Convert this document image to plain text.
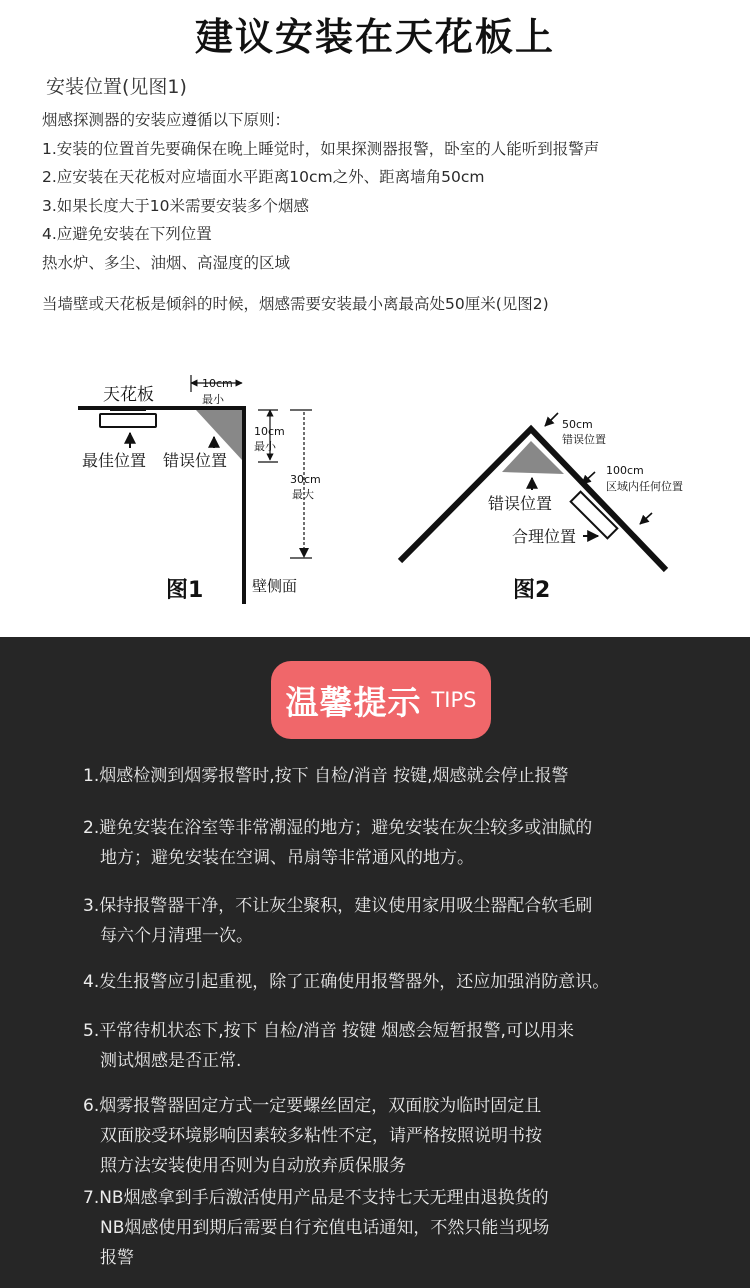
建议安装在天花板上
安装位置(见图1)
烟感探测器的安装应遵循以下原则：
1.安装的位置首先要确保在晚上睡觉时，如果探测器报警，卧室的人能听到报警声
2.应安装在天花板对应墙面水平距离10cm之外、距离墙角50cm
3.如果长度大于10米需要安装多个烟感
4.应避免安装在下列位置
热水炉、多尘、油烟、高湿度的区域
当墙壁或天花板是倾斜的时候，烟感需要安装最小离最高处50厘米(见图2)
天花板
最佳位置 错误位置
10cm
最小
10cm
最小
30cm
最大
壁侧面
图1
50cm
错误位置
100cm
区域内任何位置
错误位置
合理位置
图2
温馨提示 TIPS
1.烟感检测到烟雾报警时,按下 自检/消音 按键,烟感就会停止报警
2.避免安装在浴室等非常潮湿的地方；避免安装在灰尘较多或油腻的
地方；避免安装在空调、吊扇等非常通风的地方。
3.保持报警器干净，不让灰尘聚积，建议使用家用吸尘器配合软毛刷
每六个月清理一次。
4.发生报警应引起重视，除了正确使用报警器外，还应加强消防意识。
5.平常待机状态下,按下 自检/消音 按键 烟感会短暂报警,可以用来
测试烟感是否正常.
6.烟雾报警器固定方式一定要螺丝固定，双面胶为临时固定且
双面胶受环境影响因素较多粘性不定，请严格按照说明书按
照方法安装使用否则为自动放弃质保服务
7.NB烟感拿到手后激活使用产品是不支持七天无理由退换货的
NB烟感使用到期后需要自行充值电话通知，不然只能当现场
报警
